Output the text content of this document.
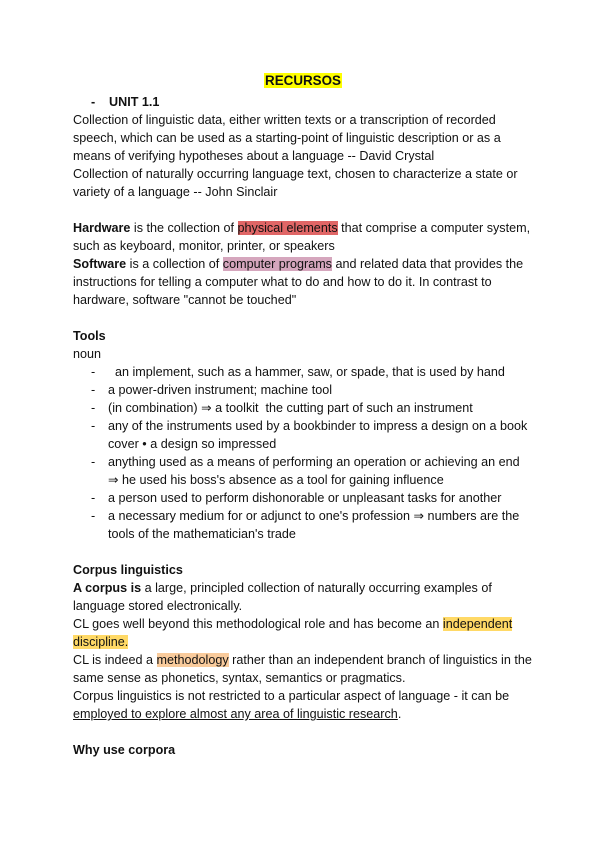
RECURSOS
-	UNIT 1.1

Collection of linguistic data, either written texts or a transcription of recorded speech, which can be used as a starting-point of linguistic description or as a means of verifying hypotheses about a language -- David Crystal

Collection of naturally occurring language text, chosen to characterize a state or variety of a language -- John Sinclair

Hardware is the collection of physical elements that comprise a computer system, such as keyboard, monitor, printer, or speakers

Software is a collection of computer programs and related data that provides the instructions for telling a computer what to do and how to do it. In contrast to hardware, software "cannot be touched"

Tools

noun

-   an implement, such as a hammer, saw, or spade, that is used by hand
- a power-driven instrument; machine tool
- (in combination) ⇒ a toolkit  the cutting part of such an instrument
- any of the instruments used by a bookbinder to impress a design on a book cover • a design so impressed
- anything used as a means of performing an operation or achieving an end ⇒ he used his boss's absence as a tool for gaining influence
- a person used to perform dishonorable or unpleasant tasks for another
- a necessary medium for or adjunct to one's profession ⇒ numbers are the tools of the mathematician's trade

Corpus linguistics

A corpus is a large, principled collection of naturally occurring examples of language stored electronically.

CL goes well beyond this methodological role and has become an independent discipline.

CL is indeed a methodology rather than an independent branch of linguistics in the same sense as phonetics, syntax, semantics or pragmatics.

Corpus linguistics is not restricted to a particular aspect of language - it can be employed to explore almost any area of linguistic research.

Why use corpora
